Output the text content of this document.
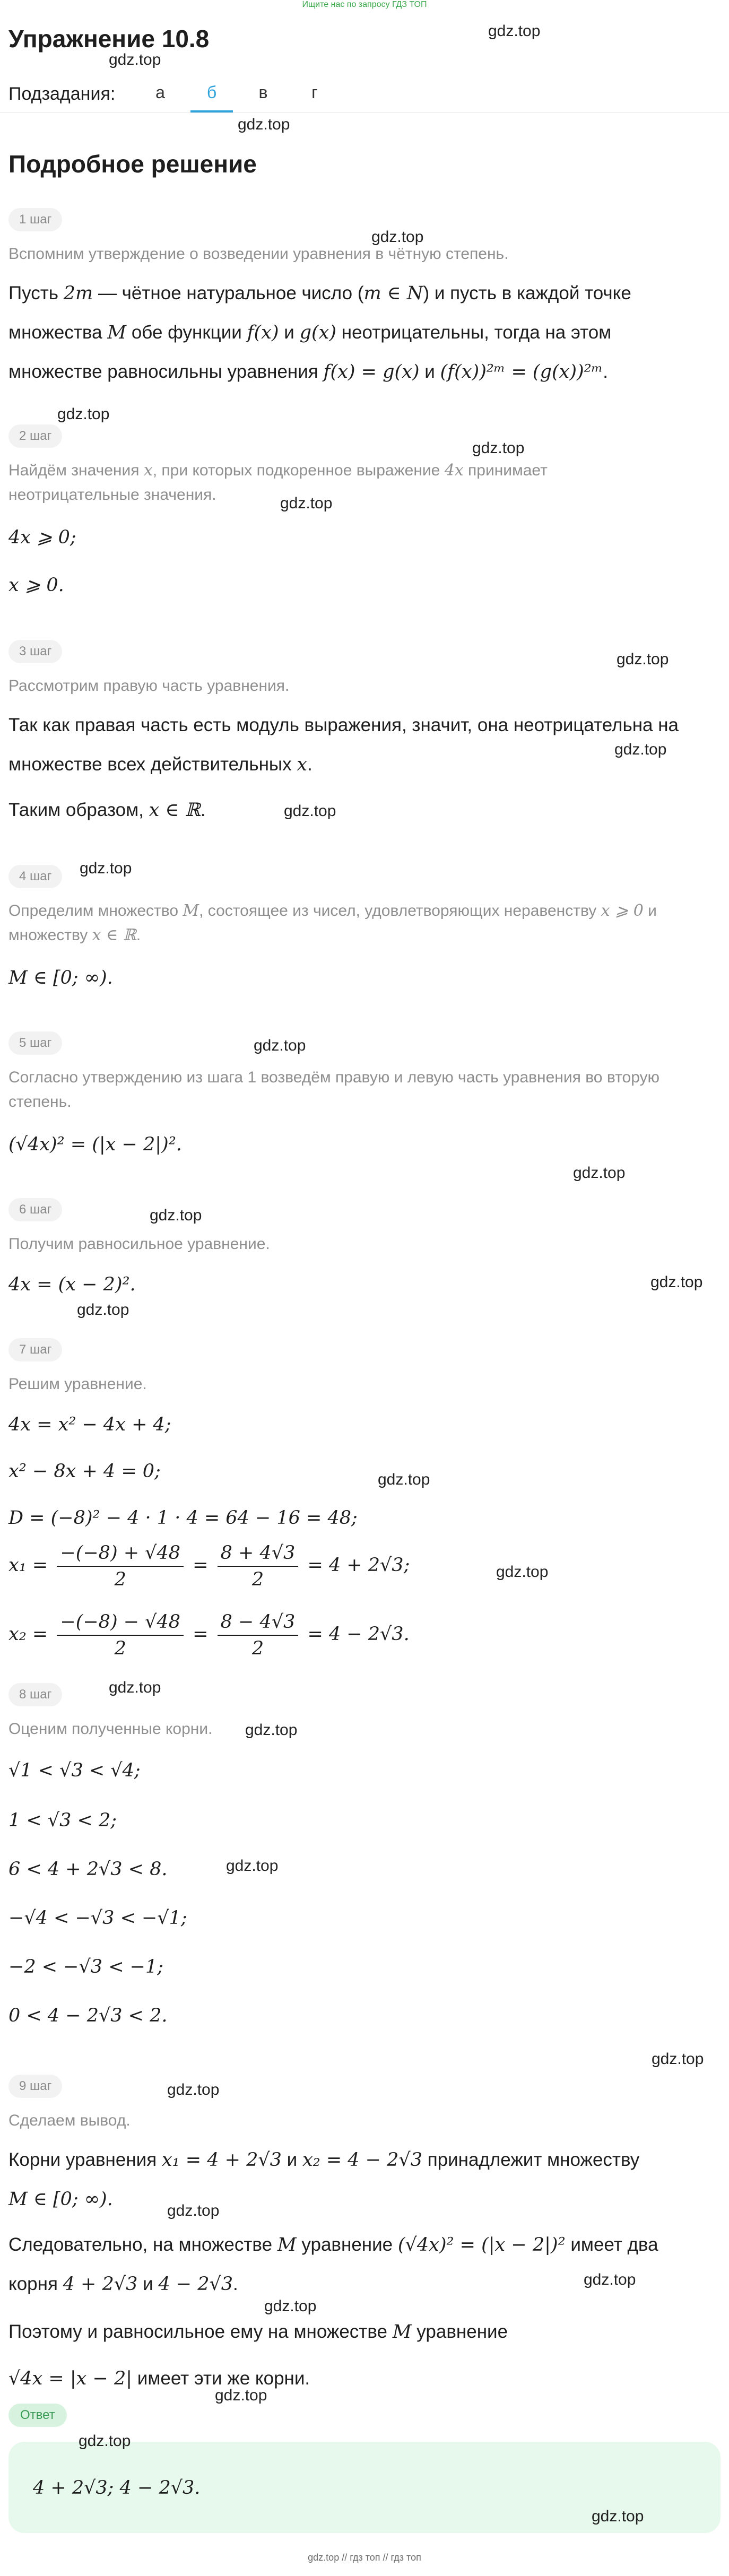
Ищите нас по запросу ГДЗ ТОП
Упражнение 10.8
Подзадания:	а	б	в	г
Подробное решение
1 шаг
Вспомним утверждение о возведении уравнения в чётную степень.
Пусть 2m — чётное натуральное число (m ∈ N) и пусть в каждой точке
множества M обе функции f(x) и g(x) неотрицательны, тогда на этом
множестве равносильны уравнения f(x) = g(x) и (f(x))²ᵐ = (g(x))²ᵐ.
2 шаг
Найдём значения x, при которых подкоренное выражение 4x принимает
неотрицательные значения.
4x ⩾ 0;
x ⩾ 0.
3 шаг
Рассмотрим правую часть уравнения.
Так как правая часть есть модуль выражения, значит, она неотрицательна на
множестве всех действительных x.
Таким образом, x ∈ ℝ.
4 шаг
Определим множество M, состоящее из чисел, удовлетворяющих неравенству x ⩾ 0 и
множеству x ∈ ℝ.
M ∈ [0; ∞).
5 шаг
Согласно утверждению из шага 1 возведём правую и левую часть уравнения во вторую
степень.
(√4x)² = (|x − 2|)².
6 шаг
Получим равносильное уравнение.
4x = (x − 2)².
7 шаг
Решим уравнение.
4x = x² − 4x + 4;
x² − 8x + 4 = 0;
D = (−8)² − 4 · 1 · 4 = 64 − 16 = 48;
$x_1 = \frac{-(-8) + √48}{2} = \frac{8 + 4√3}{2} = 4 + 2√3$;
$x_2 = \frac{-(-8) - √48}{2} = \frac{8 - 4√3}{2} = 4 - 2√3$.
8 шаг
Оценим полученные корни.
√1 < √3 < √4;
1 < √3 < 2;
6 < 4 + 2√3 < 8.
−√4 < −√3 < −√1;
−2 < −√3 < −1;
0 < 4 − 2√3 < 2.
9 шаг
Сделаем вывод.
Корни уравнения x₁ = 4 + 2√3 и x₂ = 4 − 2√3 принадлежит множеству
M ∈ [0; ∞).
Следовательно, на множестве M уравнение (√4x)² = (|x − 2|)² имеет два
корня 4 + 2√3 и 4 − 2√3.
Поэтому и равносильное ему на множестве M уравнение
√4x = |x − 2| имеет эти же корни.
Ответ
4 + 2√3; 4 − 2√3.
gdz.top
gdz.top
gdz.top
gdz.top
gdz.top
gdz.top
gdz.top
gdz.top
gdz.top
gdz.top
gdz.top
gdz.top
gdz.top
gdz.top
gdz.top
gdz.top
gdz.top
gdz.top
gdz.top
gdz.top
gdz.top
gdz.top
gdz.top
gdz.top
gdz.top
gdz.top
gdz.top
gdz.top
gdz.top
gdz.top // гдз топ // гдз топ
